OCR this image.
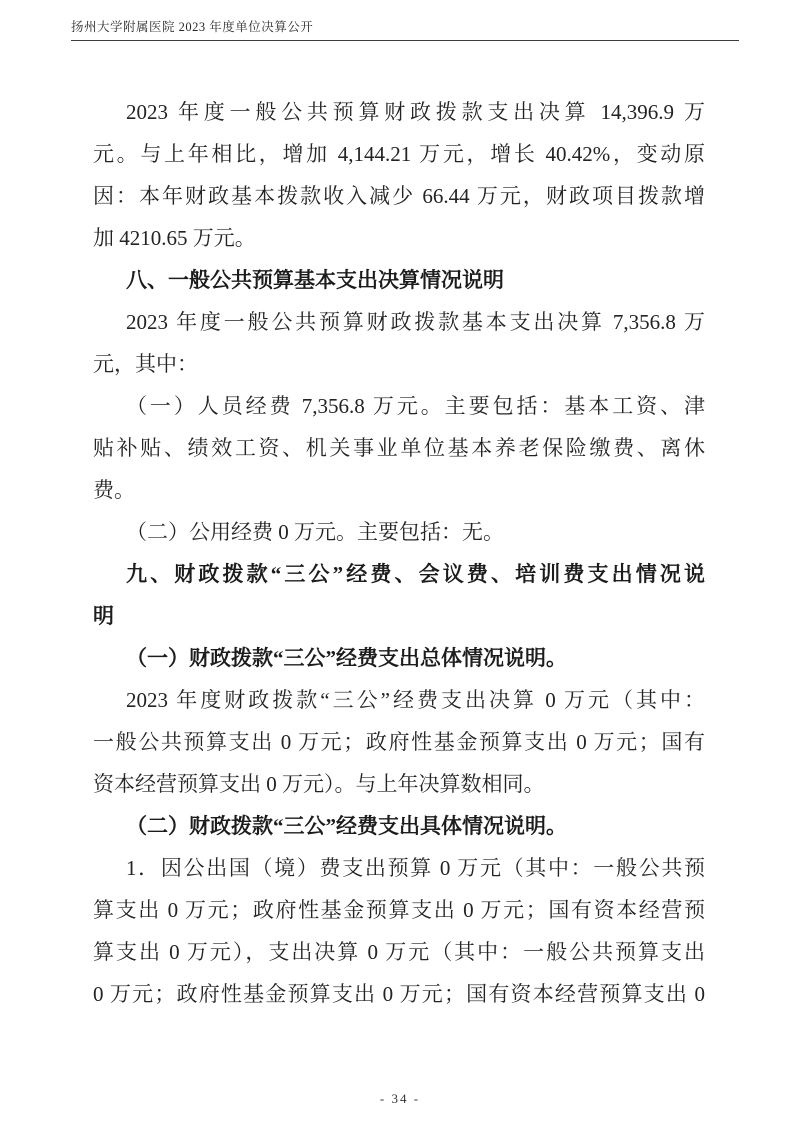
扬州大学附属医院 2023 年度单位决算公开
2023 年度一般公共预算财政拨款支出决算 14,396.9 万
元。与上年相比，增加 4,144.21 万元，增长 40.42%，变动原
因：本年财政基本拨款收入减少 66.44 万元，财政项目拨款增
加 4210.65 万元。
八、一般公共预算基本支出决算情况说明
2023 年度一般公共预算财政拨款基本支出决算 7,356.8 万
元，其中：
（一）人员经费 7,356.8 万元。主要包括：基本工资、津
贴补贴、绩效工资、机关事业单位基本养老保险缴费、离休
费。
（二）公用经费 0 万元。主要包括：无。
九、财政拨款“三公”经费、会议费、培训费支出情况说
明
（一）财政拨款“三公”经费支出总体情况说明。
2023 年度财政拨款“三公”经费支出决算 0 万元（其中：
一般公共预算支出 0 万元；政府性基金预算支出 0 万元；国有
资本经营预算支出 0 万元）。与上年决算数相同。
（二）财政拨款“三公”经费支出具体情况说明。
1．因公出国（境）费支出预算 0 万元（其中：一般公共预
算支出 0 万元；政府性基金预算支出 0 万元；国有资本经营预
算支出 0 万元），支出决算 0 万元（其中：一般公共预算支出
0 万元；政府性基金预算支出 0 万元；国有资本经营预算支出 0
- 34 -
